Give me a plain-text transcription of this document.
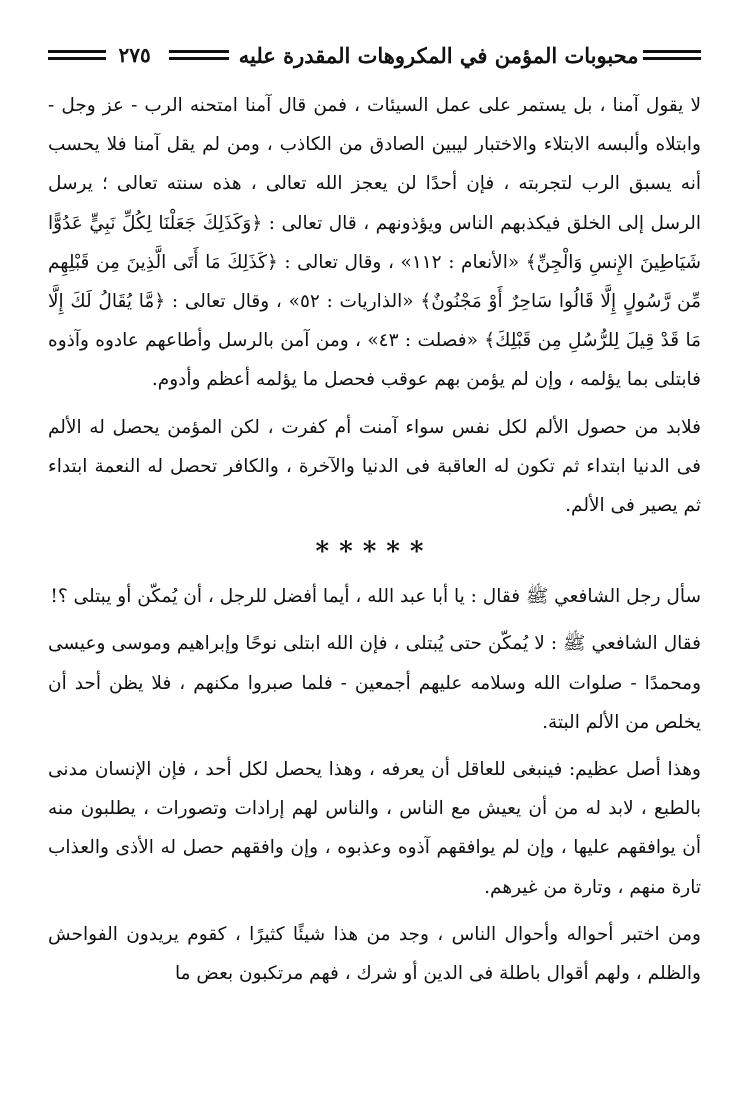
محبوبات المؤمن في المكروهات المقدرة عليه
٢٧٥

لا يقول آمنا ، بل يستمر على عمل السيئات ، فمن قال آمنا امتحنه الرب - عز وجل - وابتلاه وألبسه الابتلاء والاختبار ليبين الصادق من الكاذب ، ومن لم يقل آمنا فلا يحسب أنه يسبق الرب لتجربته ، فإن أحدًا لن يعجز الله تعالى ، هذه سنته تعالى ؛ يرسل الرسل إلى الخلق فيكذبهم الناس ويؤذونهم ، قال تعالى : ﴿وَكَذَلِكَ جَعَلْنَا لِكُلِّ نَبِيٍّ عَدُوًّا شَيَاطِينَ الإِنسِ وَالْجِنِّ﴾ «الأنعام : ١١٢» ، وقال تعالى : ﴿كَذَلِكَ مَا أَتَى الَّذِينَ مِن قَبْلِهِم مِّن رَّسُولٍ إِلَّا قَالُوا سَاحِرٌ أَوْ مَجْنُونٌ﴾ «الذاريات : ٥٢» ، وقال تعالى : ﴿مَّا يُقَالُ لَكَ إِلَّا مَا قَدْ قِيلَ لِلرُّسُلِ مِن قَبْلِكَ﴾ «فصلت : ٤٣» ، ومن آمن بالرسل وأطاعهم عادوه وآذوه فابتلى بما يؤلمه ، وإن لم يؤمن بهم عوقب فحصل ما يؤلمه أعظم وأدوم.

فلابد من حصول الألم لكل نفس سواء آمنت أم كفرت ، لكن المؤمن يحصل له الألم فى الدنيا ابتداء ثم تكون له العاقبة فى الدنيا والآخرة ، والكافر تحصل له النعمة ابتداء ثم يصير فى الألم.

*****

سأل رجل الشافعي ﷺ فقال : يا أبا عبد الله ، أيما أفضل للرجل ، أن يُمكّن أو يبتلى ؟!

فقال الشافعي ﷺ : لا يُمكّن حتى يُبتلى ، فإن الله ابتلى نوحًا وإبراهيم وموسى وعيسى ومحمدًا - صلوات الله وسلامه عليهم أجمعين - فلما صبروا مكنهم ، فلا يظن أحد أن يخلص من الألم البتة.

وهذا أصل عظيم: فينبغى للعاقل أن يعرفه ، وهذا يحصل لكل أحد ، فإن الإنسان مدنى بالطبع ، لابد له من أن يعيش مع الناس ، والناس لهم إرادات وتصورات ، يطلبون منه أن يوافقهم عليها ، وإن لم يوافقهم آذوه وعذبوه ، وإن وافقهم حصل له الأذى والعذاب تارة منهم ، وتارة من غيرهم.

ومن اختبر أحواله وأحوال الناس ، وجد من هذا شيئًا كثيرًا ، كقوم يريدون الفواحش والظلم ، ولهم أقوال باطلة فى الدين أو شرك ، فهم مرتكبون بعض ما
